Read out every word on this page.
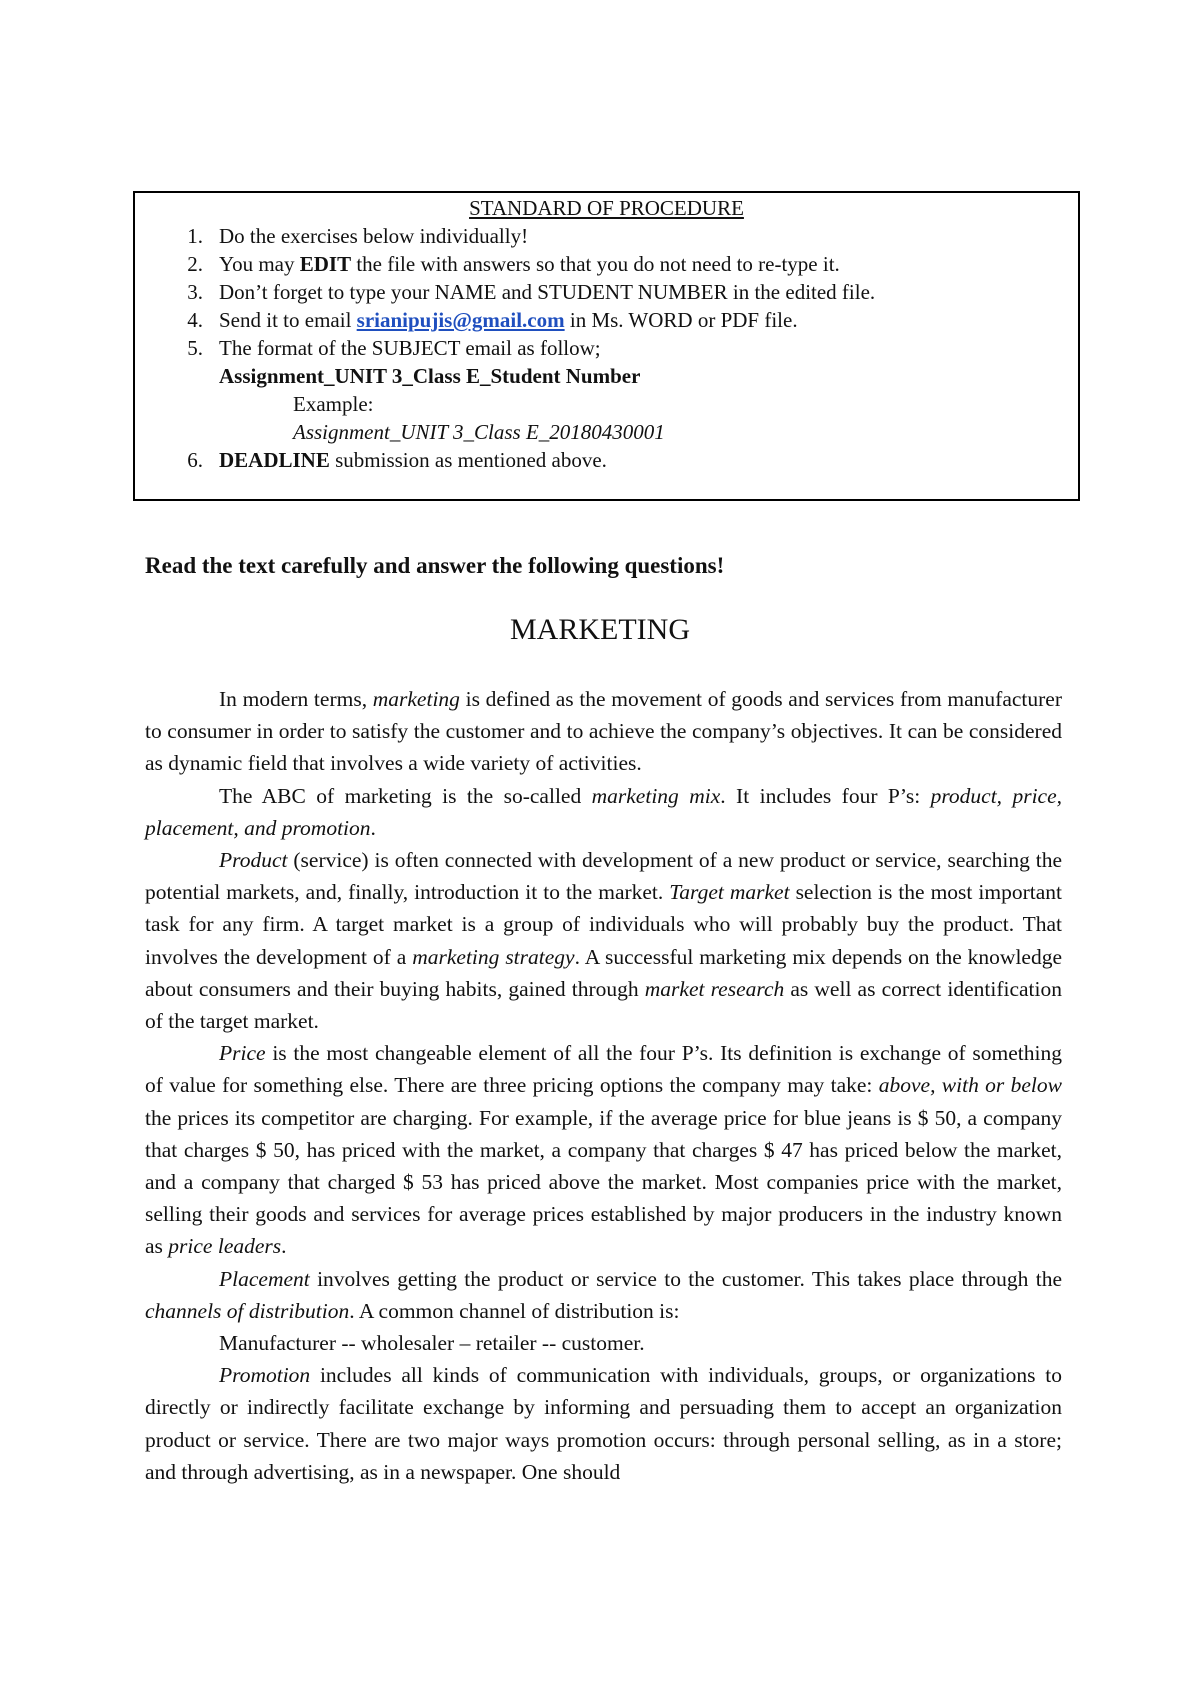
STANDARD OF PROCEDURE
1. Do the exercises below individually!
2. You may EDIT the file with answers so that you do not need to re-type it.
3. Don’t forget to type your NAME and STUDENT NUMBER in the edited file.
4. Send it to email srianipujis@gmail.com in Ms. WORD or PDF file.
5. The format of the SUBJECT email as follow;
Assignment_UNIT 3_Class E_Student Number
Example:
Assignment_UNIT 3_Class E_20180430001
6. DEADLINE submission as mentioned above.
Read the text carefully and answer the following questions!
MARKETING

In modern terms, marketing is defined as the movement of goods and services from manufacturer to consumer in order to satisfy the customer and to achieve the company’s objectives. It can be considered as dynamic field that involves a wide variety of activities.

The ABC of marketing is the so-called marketing mix. It includes four P’s: product, price, placement, and promotion.

Product (service) is often connected with development of a new product or service, searching the potential markets, and, finally, introduction it to the market. Target market selection is the most important task for any firm. A target market is a group of individuals who will probably buy the product. That involves the development of a marketing strategy. A successful marketing mix depends on the knowledge about consumers and their buying habits, gained through market research as well as correct identification of the target market.

Price is the most changeable element of all the four P’s. Its definition is exchange of something of value for something else. There are three pricing options the company may take: above, with or below the prices its competitor are charging. For example, if the average price for blue jeans is $ 50, a company that charges $ 50, has priced with the market, a company that charges $ 47 has priced below the market, and a company that charged $ 53 has priced above the market. Most companies price with the market, selling their goods and services for average prices established by major producers in the industry known as price leaders.

Placement involves getting the product or service to the customer. This takes place through the channels of distribution. A common channel of distribution is:

Manufacturer -- wholesaler – retailer -- customer.

Promotion includes all kinds of communication with individuals, groups, or organizations to directly or indirectly facilitate exchange by informing and persuading them to accept an organization product or service. There are two major ways promotion occurs: through personal selling, as in a store; and through advertising, as in a newspaper. One should
